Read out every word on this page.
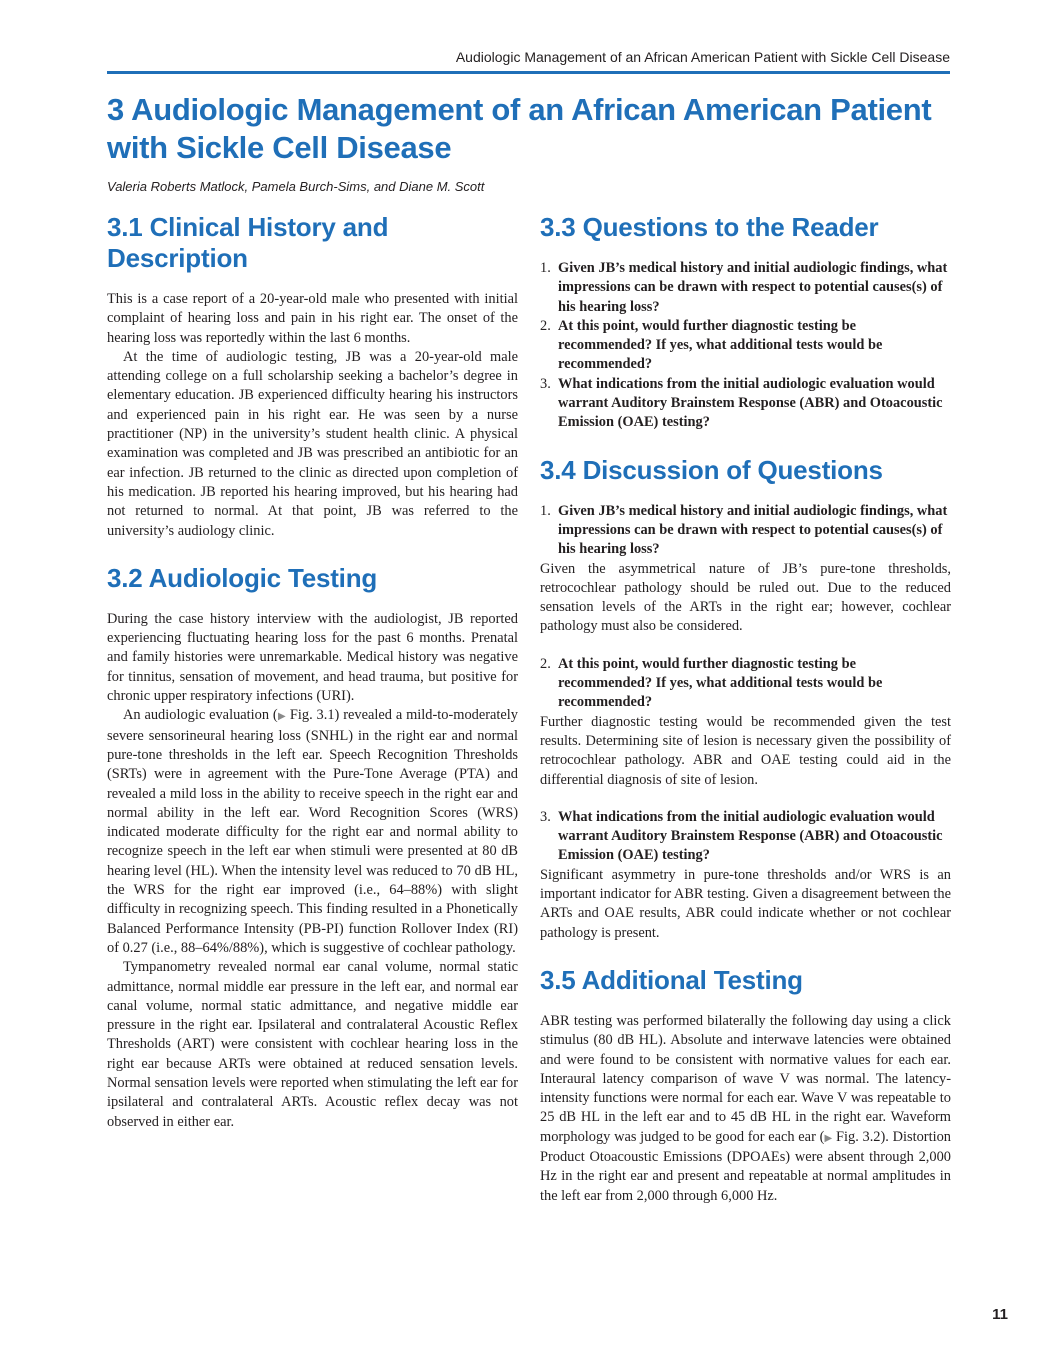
Audiologic Management of an African American Patient with Sickle Cell Disease
3 Audiologic Management of an African American Patient with Sickle Cell Disease

Valeria Roberts Matlock, Pamela Burch-Sims, and Diane M. Scott

3.1 Clinical History and Description

This is a case report of a 20-year-old male who presented with initial complaint of hearing loss and pain in his right ear. The onset of the hearing loss was reportedly within the last 6 months.

At the time of audiologic testing, JB was a 20-year-old male attending college on a full scholarship seeking a bachelor’s degree in elementary education. JB experienced difficulty hearing his instructors and experienced pain in his right ear. He was seen by a nurse practitioner (NP) in the university’s student health clinic. A physical examination was completed and JB was prescribed an antibiotic for an ear infection. JB returned to the clinic as directed upon completion of his medication. JB reported his hearing improved, but his hearing had not returned to normal. At that point, JB was referred to the university’s audiology clinic.

3.2 Audiologic Testing

During the case history interview with the audiologist, JB reported experiencing fluctuating hearing loss for the past 6 months. Prenatal and family histories were unremarkable. Medical history was negative for tinnitus, sensation of movement, and head trauma, but positive for chronic upper respiratory infections (URI).

An audiologic evaluation (▶ Fig. 3.1) revealed a mild-to-moderately severe sensorineural hearing loss (SNHL) in the right ear and normal pure-tone thresholds in the left ear. Speech Recognition Thresholds (SRTs) were in agreement with the Pure-Tone Average (PTA) and revealed a mild loss in the ability to receive speech in the right ear and normal ability in the left ear. Word Recognition Scores (WRS) indicated moderate difficulty for the right ear and normal ability to recognize speech in the left ear when stimuli were presented at 80 dB hearing level (HL). When the intensity level was reduced to 70 dB HL, the WRS for the right ear improved (i.e., 64–88%) with slight difficulty in recognizing speech. This finding resulted in a Phonetically Balanced Performance Intensity (PB-PI) function Rollover Index (RI) of 0.27 (i.e., 88–64%/88%), which is suggestive of cochlear pathology.

Tympanometry revealed normal ear canal volume, normal static admittance, normal middle ear pressure in the left ear, and normal ear canal volume, normal static admittance, and negative middle ear pressure in the right ear. Ipsilateral and contralateral Acoustic Reflex Thresholds (ART) were consistent with cochlear hearing loss in the right ear because ARTs were obtained at reduced sensation levels. Normal sensation levels were reported when stimulating the left ear for ipsilateral and contralateral ARTs. Acoustic reflex decay was not observed in either ear.

3.3 Questions to the Reader
1. Given JB’s medical history and initial audiologic findings, what impressions can be drawn with respect to potential causes(s) of his hearing loss?
2. At this point, would further diagnostic testing be recommended? If yes, what additional tests would be recommended?
3. What indications from the initial audiologic evaluation would warrant Auditory Brainstem Response (ABR) and Otoacoustic Emission (OAE) testing?
3.4 Discussion of Questions
1. Given JB’s medical history and initial audiologic findings, what impressions can be drawn with respect to potential causes(s) of his hearing loss?

Given the asymmetrical nature of JB’s pure-tone thresholds, retrocochlear pathology should be ruled out. Due to the reduced sensation levels of the ARTs in the right ear; however, cochlear pathology must also be considered.

2. At this point, would further diagnostic testing be recommended? If yes, what additional tests would be recommended?

Further diagnostic testing would be recommended given the test results. Determining site of lesion is necessary given the possibility of retrocochlear pathology. ABR and OAE testing could aid in the differential diagnosis of site of lesion.

3. What indications from the initial audiologic evaluation would warrant Auditory Brainstem Response (ABR) and Otoacoustic Emission (OAE) testing?

Significant asymmetry in pure-tone thresholds and/or WRS is an important indicator for ABR testing. Given a disagreement between the ARTs and OAE results, ABR could indicate whether or not cochlear pathology is present.

3.5 Additional Testing

ABR testing was performed bilaterally the following day using a click stimulus (80 dB HL). Absolute and interwave latencies were obtained and were found to be consistent with normative values for each ear. Interaural latency comparison of wave V was normal. The latency-intensity functions were normal for each ear. Wave V was repeatable to 25 dB HL in the left ear and to 45 dB HL in the right ear. Waveform morphology was judged to be good for each ear (▶ Fig. 3.2). Distortion Product Otoacoustic Emissions (DPOAEs) were absent through 2,000 Hz in the right ear and present and repeatable at normal amplitudes in the left ear from 2,000 through 6,000 Hz.

11
